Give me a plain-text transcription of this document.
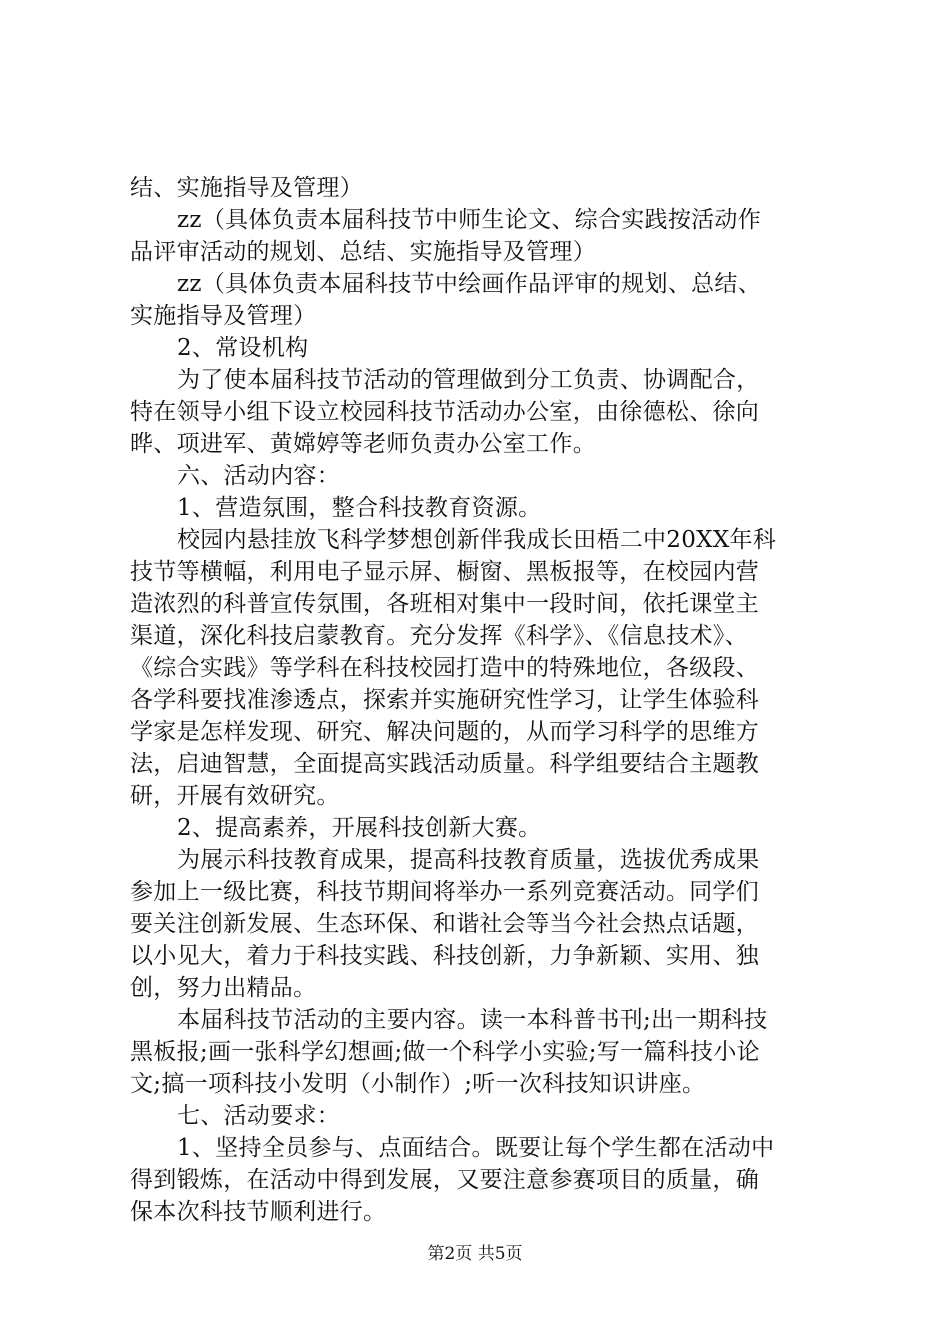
结、实施指导及管理）
zz（具体负责本届科技节中师生论文、综合实践按活动作
品评审活动的规划、总结、实施指导及管理）
zz（具体负责本届科技节中绘画作品评审的规划、总结、
实施指导及管理）
2、常设机构
为了使本届科技节活动的管理做到分工负责、协调配合，
特在领导小组下设立校园科技节活动办公室，由徐德松、徐向
晔、项进军、黄嫦婷等老师负责办公室工作。
六、活动内容：
1、营造氛围，整合科技教育资源。
校园内悬挂放飞科学梦想创新伴我成长田梧二中20XX年科
技节等横幅，利用电子显示屏、橱窗、黑板报等，在校园内营
造浓烈的科普宣传氛围，各班相对集中一段时间，依托课堂主
渠道，深化科技启蒙教育。充分发挥《科学》、《信息技术》、
《综合实践》等学科在科技校园打造中的特殊地位，各级段、
各学科要找准渗透点，探索并实施研究性学习，让学生体验科
学家是怎样发现、研究、解决问题的，从而学习科学的思维方
法，启迪智慧，全面提高实践活动质量。科学组要结合主题教
研，开展有效研究。
2、提高素养，开展科技创新大赛。
为展示科技教育成果，提高科技教育质量，选拔优秀成果
参加上一级比赛，科技节期间将举办一系列竞赛活动。同学们
要关注创新发展、生态环保、和谐社会等当今社会热点话题，
以小见大，着力于科技实践、科技创新，力争新颖、实用、独
创，努力出精品。
本届科技节活动的主要内容。读一本科普书刊;出一期科技
黑板报;画一张科学幻想画;做一个科学小实验;写一篇科技小论
文;搞一项科技小发明（小制作）;听一次科技知识讲座。
七、活动要求：
1、坚持全员参与、点面结合。既要让每个学生都在活动中
得到锻炼，在活动中得到发展，又要注意参赛项目的质量，确
保本次科技节顺利进行。
第2页 共5页
